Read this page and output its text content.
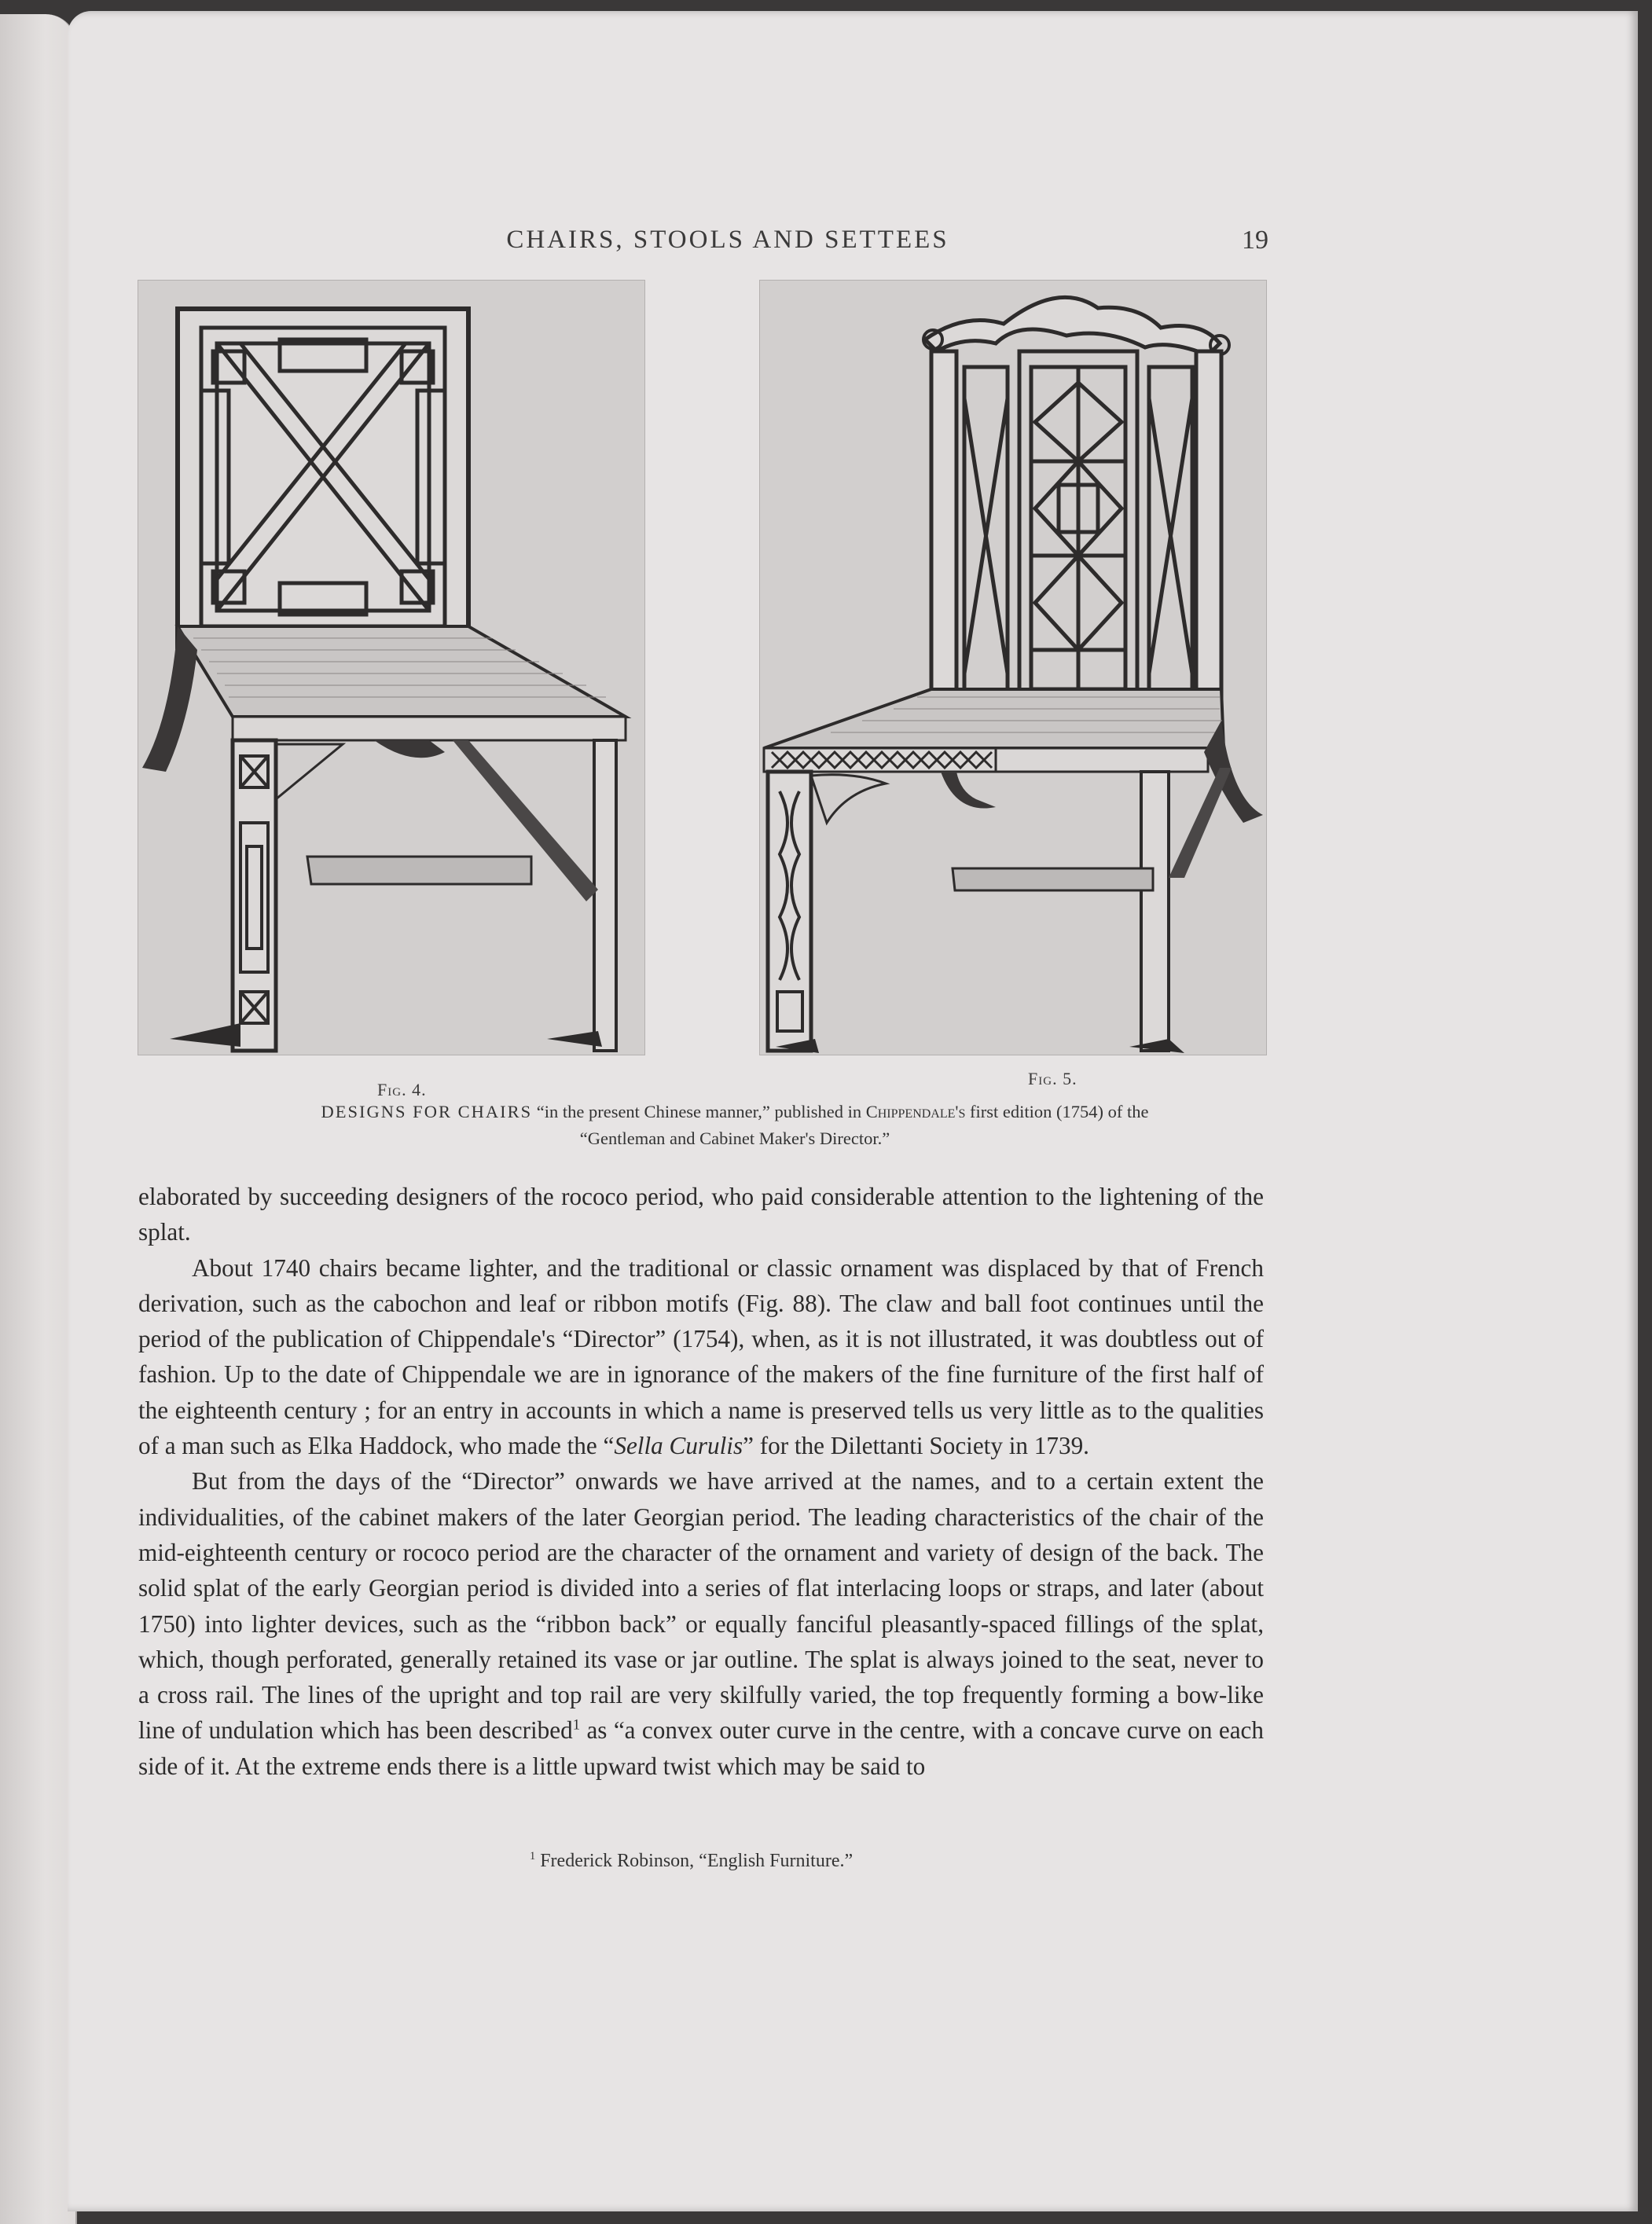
CHAIRS, STOOLS AND SETTEES	19
Fig. 4.
Fig. 5.
DESIGNS FOR CHAIRS “in the present Chinese manner,” published in Chippendale's first edition (1754) of the
“Gentleman and Cabinet Maker's Director.”

elaborated by succeeding designers of the rococo period, who paid considerable attention to the lightening of the splat.

About 1740 chairs became lighter, and the traditional or classic ornament was displaced by that of French derivation, such as the cabochon and leaf or ribbon motifs (Fig. 88). The claw and ball foot continues until the period of the publication of Chippendale's “Director” (1754), when, as it is not illustrated, it was doubtless out of fashion. Up to the date of Chippendale we are in ignorance of the makers of the fine furniture of the first half of the eighteenth century ; for an entry in accounts in which a name is preserved tells us very little as to the qualities of a man such as Elka Haddock, who made the “Sella Curulis” for the Dilettanti Society in 1739.

But from the days of the “Director” onwards we have arrived at the names, and to a certain extent the individualities, of the cabinet makers of the later Georgian period. The leading characteristics of the chair of the mid-eighteenth century or rococo period are the character of the ornament and variety of design of the back. The solid splat of the early Georgian period is divided into a series of flat interlacing loops or straps, and later (about 1750) into lighter devices, such as the “ribbon back” or equally fanciful pleasantly-spaced fillings of the splat, which, though perforated, generally retained its vase or jar outline. The splat is always joined to the seat, never to a cross rail. The lines of the upright and top rail are very skilfully varied, the top frequently forming a bow-like line of undulation which has been described$^1$ as “a convex outer curve in the centre, with a concave curve on each side of it. At the extreme ends there is a little upward twist which may be said to

$^1$ Frederick Robinson, “English Furniture.”
